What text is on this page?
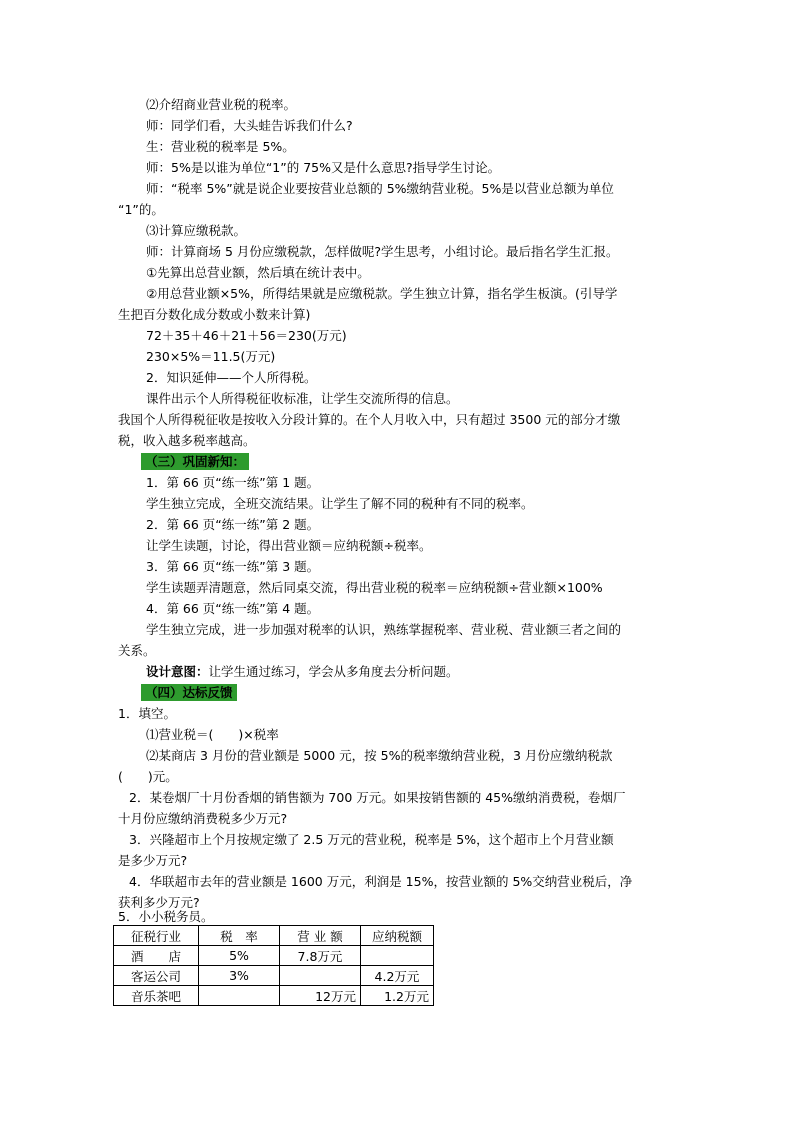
⑵介绍商业营业税的税率。
师：同学们看，大头蛙告诉我们什么?
生：营业税的税率是 5%。
师：5%是以谁为单位“1”的 75%又是什么意思?指导学生讨论。
师：“税率 5%”就是说企业要按营业总额的 5%缴纳营业税。5%是以营业总额为单位
“1”的。
⑶计算应缴税款。
师：计算商场 5 月份应缴税款，怎样做呢?学生思考，小组讨论。最后指名学生汇报。
①先算出总营业额，然后填在统计表中。
②用总营业额×5%，所得结果就是应缴税款。学生独立计算，指名学生板演。(引导学
生把百分数化成分数或小数来计算)
72＋35＋46＋21＋56＝230(万元)
230×5%＝11.5(万元)
2．知识延伸——个人所得税。
课件出示个人所得税征收标准，让学生交流所得的信息。
我国个人所得税征收是按收入分段计算的。在个人月收入中，只有超过 3500 元的部分才缴
税，收入越多税率越高。
（三）巩固新知：
1．第 66 页“练一练”第 1 题。
学生独立完成，全班交流结果。让学生了解不同的税种有不同的税率。
2．第 66 页“练一练”第 2 题。
让学生读题，讨论，得出营业额＝应纳税额÷税率。
3．第 66 页“练一练”第 3 题。
学生读题弄清题意，然后同桌交流，得出营业税的税率＝应纳税额÷营业额×100%
4．第 66 页“练一练”第 4 题。
学生独立完成，进一步加强对税率的认识，熟练掌握税率、营业税、营业额三者之间的
关系。
设计意图：让学生通过练习，学会从多角度去分析问题。
（四）达标反馈
1．填空。
⑴营业税＝(　　)×税率
⑵某商店 3 月份的营业额是 5000 元，按 5%的税率缴纳营业税，3 月份应缴纳税款
(　　)元。
2．某卷烟厂十月份香烟的销售额为 700 万元。如果按销售额的 45%缴纳消费税，卷烟厂
十月份应缴纳消费税多少万元?
3．兴隆超市上个月按规定缴了 2.5 万元的营业税，税率是 5%，这个超市上个月营业额
是多少万元?
4．华联超市去年的营业额是 1600 万元，利润是 15%，按营业额的 5%交纳营业税后，净
获利多少万元?
5．小小税务员。
征税行业	税　率	营 业 额	应纳税额
酒　　店	5%	7.8万元	
客运公司	3%		4.2万元
音乐茶吧		12万元	1.2万元
